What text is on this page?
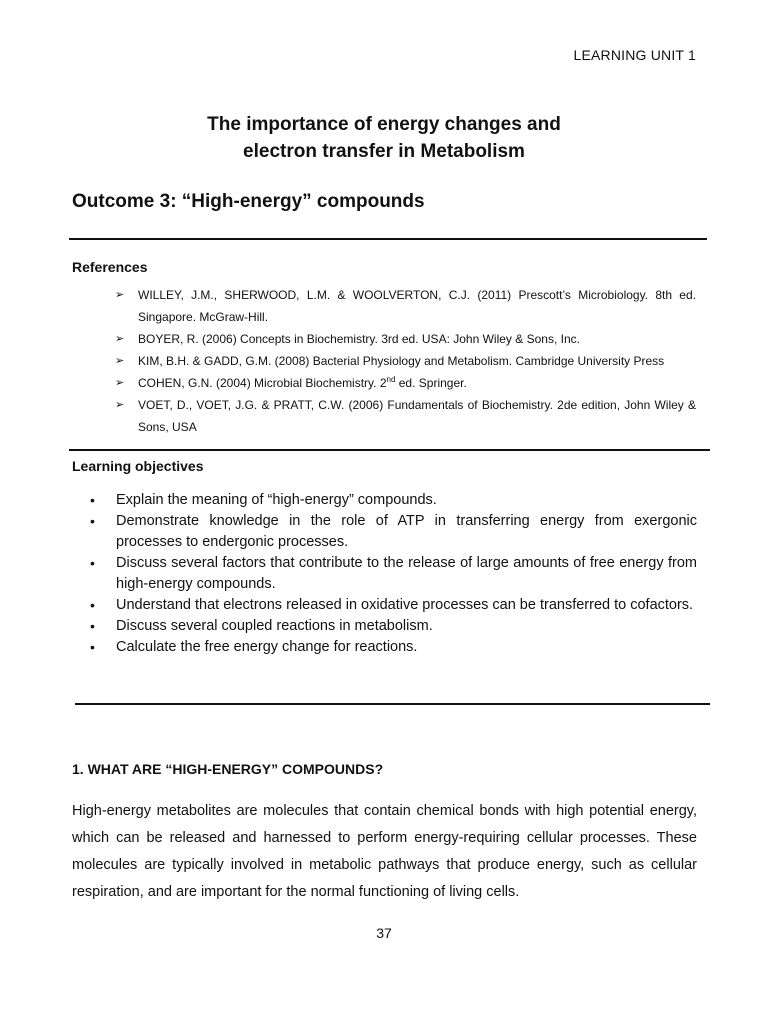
LEARNING UNIT 1
The importance of energy changes and
electron transfer in Metabolism
Outcome 3: “High-energy” compounds
References
➢ WILLEY, J.M., SHERWOOD, L.M. & WOOLVERTON, C.J. (2011) Prescott’s Microbiology. 8th ed. Singapore. McGraw-Hill.
➢ BOYER, R. (2006) Concepts in Biochemistry. 3rd ed. USA: John Wiley & Sons, Inc.
➢ KIM, B.H. & GADD, G.M. (2008) Bacterial Physiology and Metabolism. Cambridge University Press
➢ COHEN, G.N. (2004) Microbial Biochemistry. 2nd ed. Springer.
➢ VOET, D., VOET, J.G. & PRATT, C.W. (2006) Fundamentals of Biochemistry. 2de edition, John Wiley & Sons, USA
Learning objectives
• Explain the meaning of “high-energy” compounds.
• Demonstrate knowledge in the role of ATP in transferring energy from exergonic processes to endergonic processes.
• Discuss several factors that contribute to the release of large amounts of free energy from high-energy compounds.
• Understand that electrons released in oxidative processes can be transferred to cofactors.
• Discuss several coupled reactions in metabolism.
• Calculate the free energy change for reactions.
1. WHAT ARE “HIGH-ENERGY” COMPOUNDS?

High-energy metabolites are molecules that contain chemical bonds with high potential energy, which can be released and harnessed to perform energy-requiring cellular processes. These molecules are typically involved in metabolic pathways that produce energy, such as cellular respiration, and are important for the normal functioning of living cells.

37
